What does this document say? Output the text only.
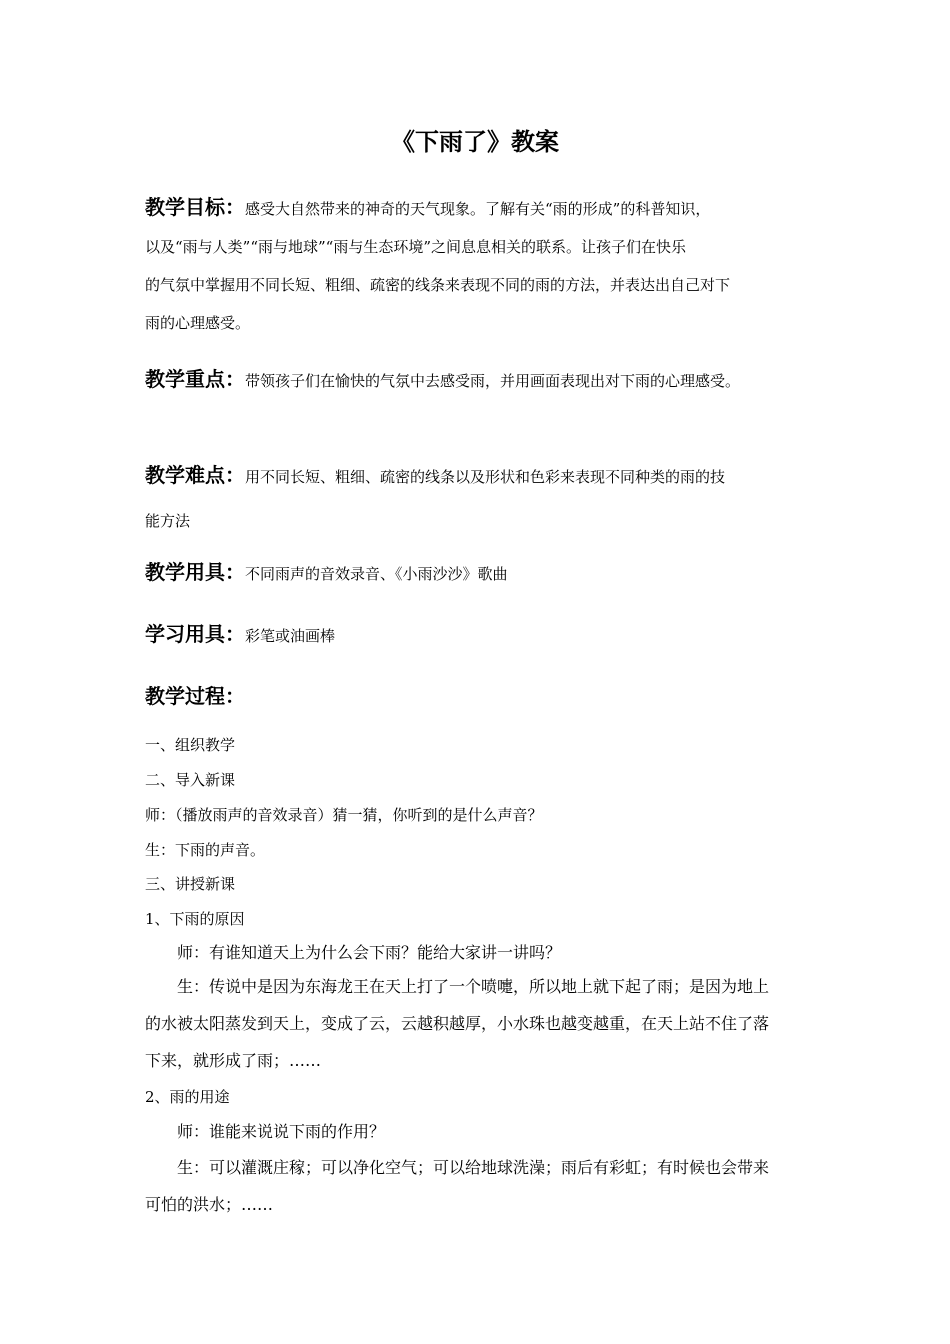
《下雨了》教案
教学目标：感受大自然带来的神奇的天气现象。了解有关“雨的形成”的科普知识，
以及“雨与人类”“雨与地球”“雨与生态环境”之间息息相关的联系。让孩子们在快乐
的气氛中掌握用不同长短、粗细、疏密的线条来表现不同的雨的方法，并表达出自己对下
雨的心理感受。
教学重点：带领孩子们在愉快的气氛中去感受雨，并用画面表现出对下雨的心理感受。
教学难点：用不同长短、粗细、疏密的线条以及形状和色彩来表现不同种类的雨的技
能方法
教学用具：不同雨声的音效录音、《小雨沙沙》歌曲
学习用具：彩笔或油画棒
教学过程：
一、组织教学
二、导入新课
师：（播放雨声的音效录音）猜一猜，你听到的是什么声音？
生：下雨的声音。
三、讲授新课
1、下雨的原因
师：有谁知道天上为什么会下雨？能给大家讲一讲吗？
生：传说中是因为东海龙王在天上打了一个喷嚏，所以地上就下起了雨；是因为地上
的水被太阳蒸发到天上，变成了云，云越积越厚，小水珠也越变越重，在天上站不住了落
下来，就形成了雨；……
2、雨的用途
师：谁能来说说下雨的作用？
生：可以灌溉庄稼；可以净化空气；可以给地球洗澡；雨后有彩虹；有时候也会带来
可怕的洪水；……
